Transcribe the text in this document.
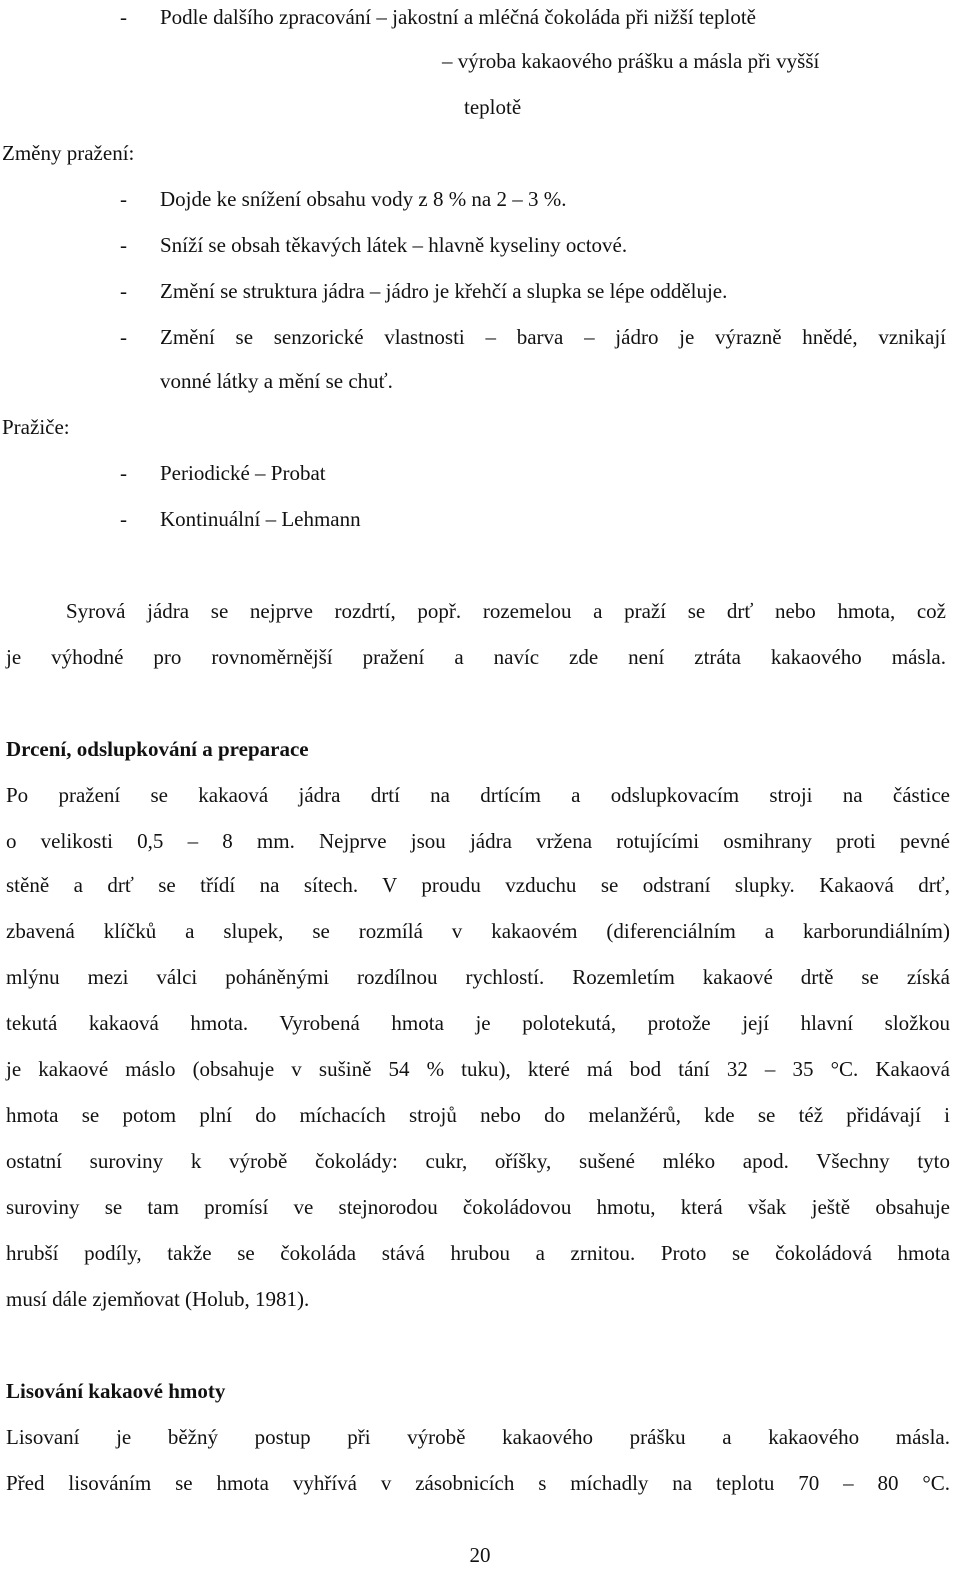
- Podle dalšího zpracování – jakostní a mléčná čokoláda při nižší teplotě
– výroba kakaového prášku a másla při vyšší
teplotě
Změny pražení:
- Dojde ke snížení obsahu vody z 8 % na 2 – 3 %.
- Sníží se obsah těkavých látek – hlavně kyseliny octové.
- Změní se struktura jádra – jádro je křehčí a slupka se lépe odděluje.
- Změní se senzorické vlastnosti – barva – jádro je výrazně hnědé, vznikají
vonné látky a mění se chuť.
Pražiče:
- Periodické – Probat
- Kontinuální – Lehmann
Syrová jádra se nejprve rozdrtí, popř. rozemelou a praží se drť nebo hmota, což
je výhodné pro rovnoměrnější pražení a navíc zde není ztráta kakaového másla.
Drcení, odslupkování a preparace
Po pražení se kakaová jádra drtí na drtícím a odslupkovacím stroji na částice
o velikosti 0,5 – 8 mm. Nejprve jsou jádra vržena rotujícími osmihrany proti pevné
stěně a drť se třídí na sítech. V proudu vzduchu se odstraní slupky. Kakaová drť,
zbavená klíčků a slupek, se rozmílá v kakaovém (diferenciálním a karborundiálním)
mlýnu mezi válci poháněnými rozdílnou rychlostí. Rozemletím kakaové drtě se získá
tekutá kakaová hmota. Vyrobená hmota je polotekutá, protože její hlavní složkou
je kakaové máslo (obsahuje v sušině 54 % tuku), které má bod tání 32 – 35 °C. Kakaová
hmota se potom plní do míchacích strojů nebo do melanžérů, kde se též přidávají i
ostatní suroviny k výrobě čokolády: cukr, oříšky, sušené mléko apod. Všechny tyto
suroviny se tam promísí ve stejnorodou čokoládovou hmotu, která však ještě obsahuje
hrubší podíly, takže se čokoláda stává hrubou a zrnitou. Proto se čokoládová hmota
musí dále zjemňovat (Holub, 1981).
Lisování kakaové hmoty
Lisovaní je běžný postup při výrobě kakaového prášku a kakaového másla.
Před lisováním se hmota vyhřívá v zásobnicích s míchadly na teplotu 70 – 80 °C.
20
